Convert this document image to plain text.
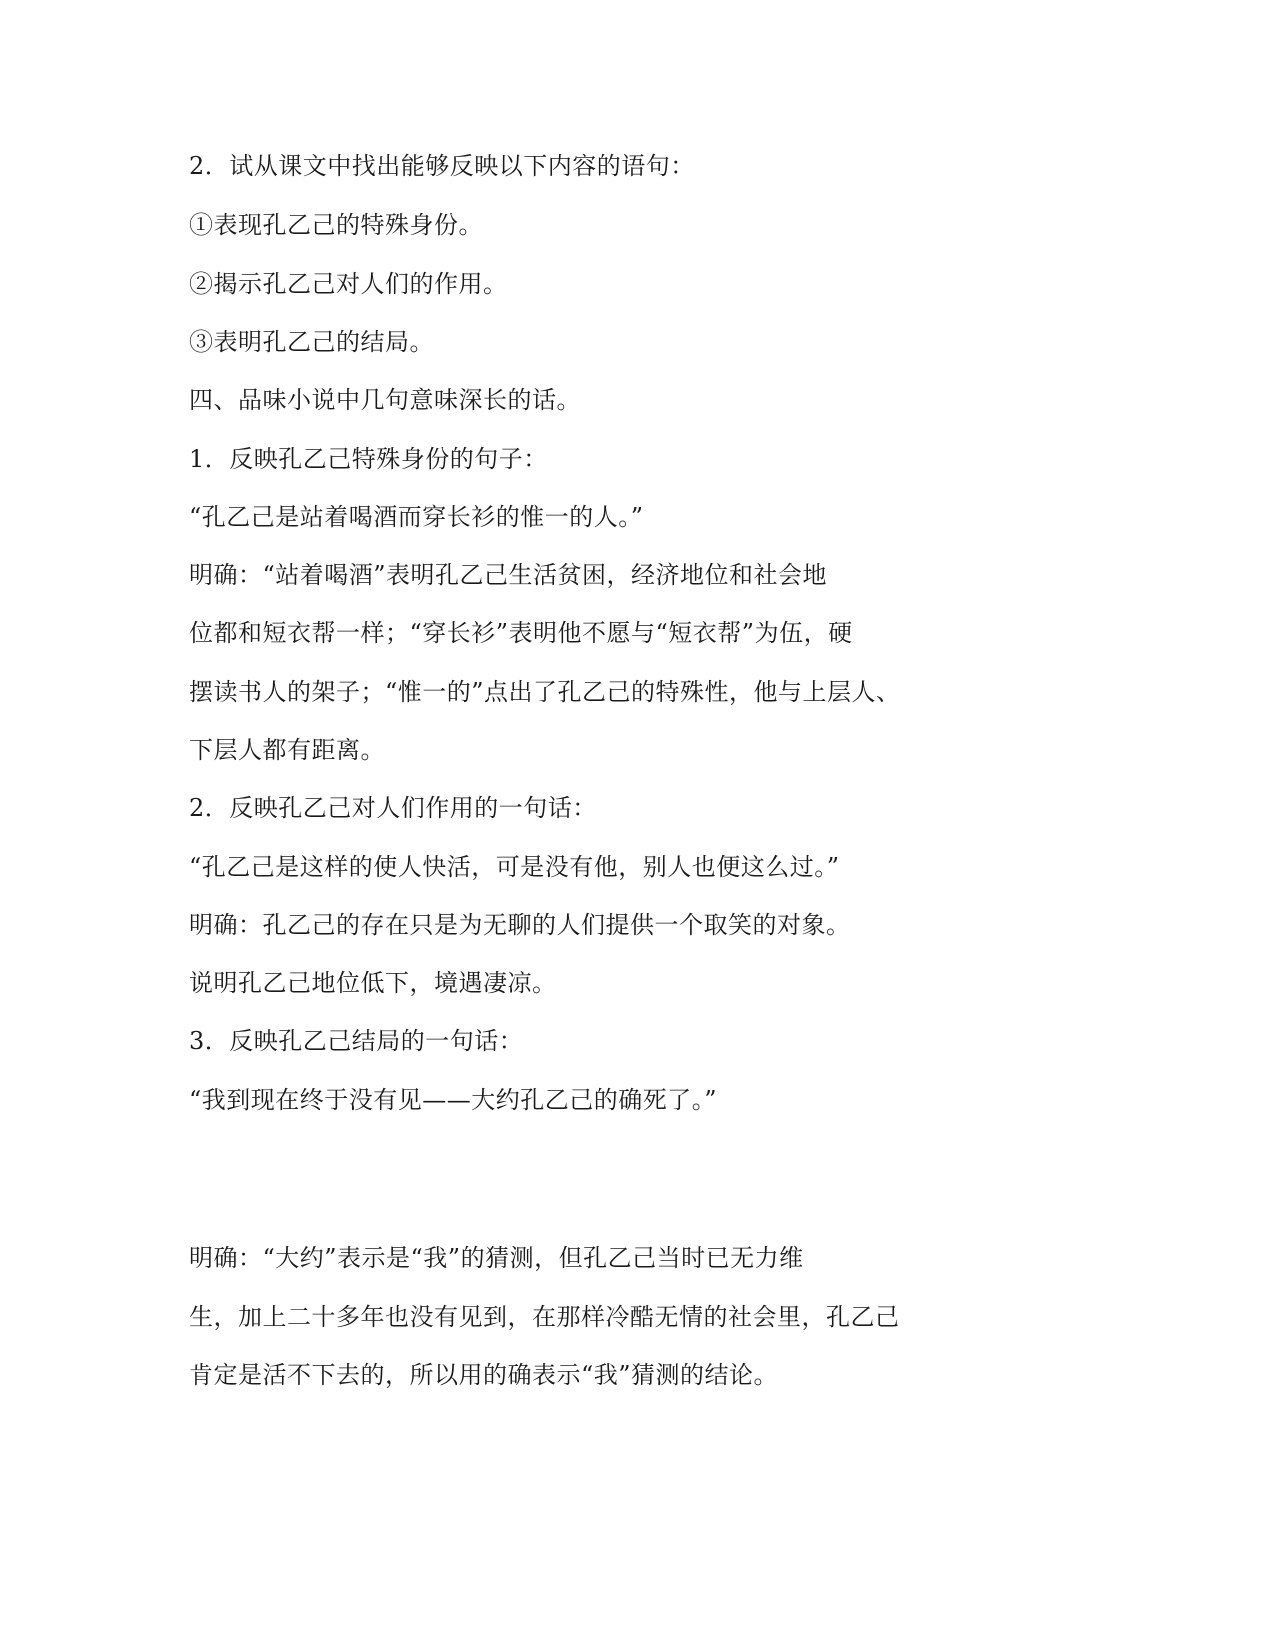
2．试从课文中找出能够反映以下内容的语句：

①表现孔乙己的特殊身份。

②揭示孔乙己对人们的作用。

③表明孔乙己的结局。

四、品味小说中几句意味深长的话。

1．反映孔乙己特殊身份的句子：

“孔乙己是站着喝酒而穿长衫的惟一的人。”

明确：“站着喝酒”表明孔乙己生活贫困，经济地位和社会地

位都和短衣帮一样；“穿长衫”表明他不愿与“短衣帮”为伍，硬

摆读书人的架子；“惟一的”点出了孔乙己的特殊性，他与上层人、

下层人都有距离。

2．反映孔乙己对人们作用的一句话：

“孔乙己是这样的使人快活，可是没有他，别人也便这么过。”

明确：孔乙己的存在只是为无聊的人们提供一个取笑的对象。

说明孔乙己地位低下，境遇凄凉。

3．反映孔乙己结局的一句话：

“我到现在终于没有见——大约孔乙己的确死了。”

明确：“大约”表示是“我”的猜测，但孔乙己当时已无力维

生，加上二十多年也没有见到，在那样冷酷无情的社会里，孔乙己

肯定是活不下去的，所以用的确表示“我”猜测的结论。
